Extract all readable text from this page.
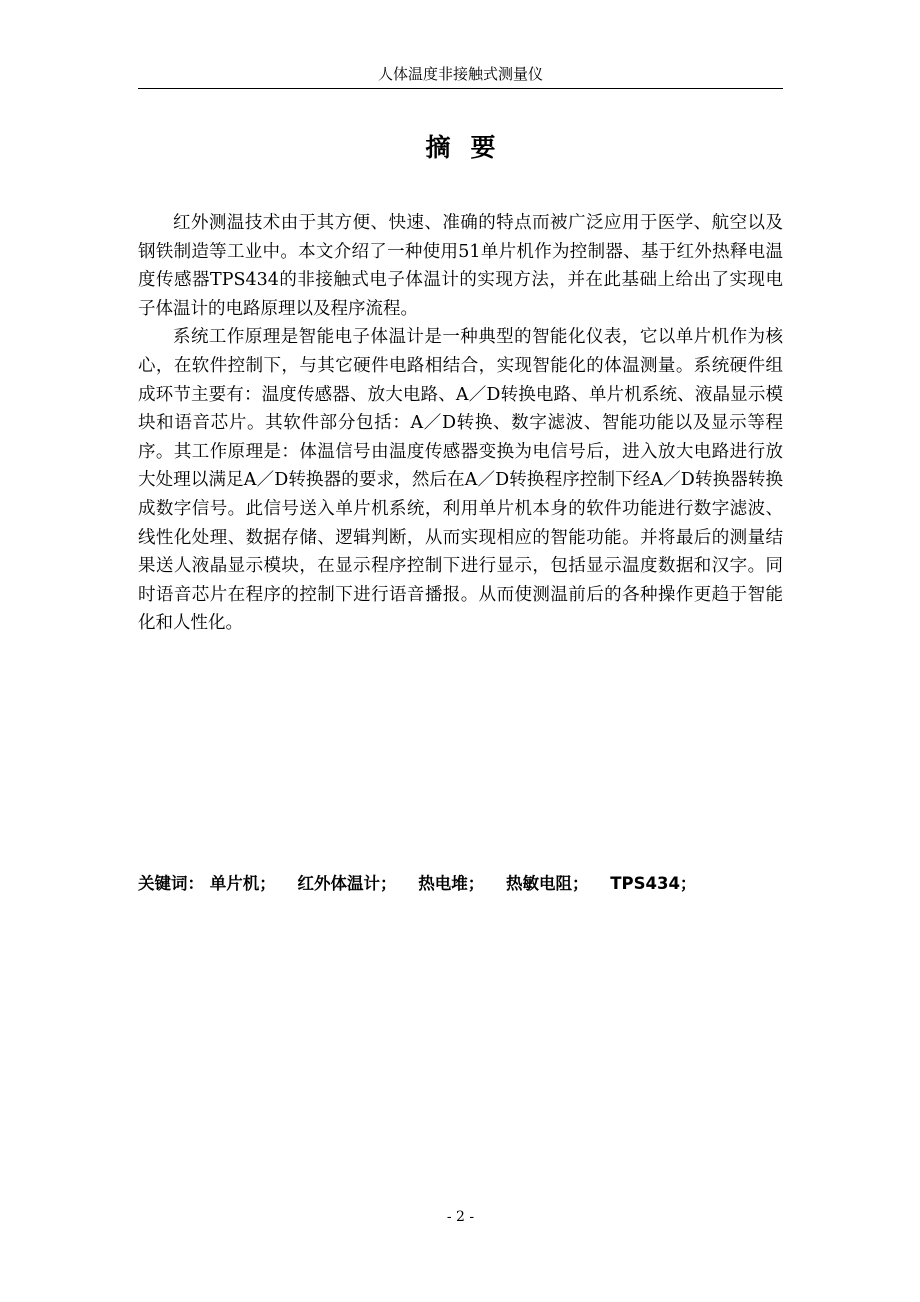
人体温度非接触式测量仪
摘要

红外测温技术由于其方便、快速、准确的特点而被广泛应用于医学、航空以及钢铁制造等工业中。本文介绍了一种使用51单片机作为控制器、基于红外热释电温度传感器TPS434的非接触式电子体温计的实现方法，并在此基础上给出了实现电子体温计的电路原理以及程序流程。

系统工作原理是智能电子体温计是一种典型的智能化仪表，它以单片机作为核心，在软件控制下，与其它硬件电路相结合，实现智能化的体温测量。系统硬件组成环节主要有：温度传感器、放大电路、A／D转换电路、单片机系统、液晶显示模块和语音芯片。其软件部分包括：A／D转换、数字滤波、智能功能以及显示等程序。其工作原理是：体温信号由温度传感器变换为电信号后，进入放大电路进行放大处理以满足A／D转换器的要求，然后在A／D转换程序控制下经A／D转换器转换成数字信号。此信号送入单片机系统，利用单片机本身的软件功能进行数字滤波、线性化处理、数据存储、逻辑判断，从而实现相应的智能功能。并将最后的测量结果送人液晶显示模块，在显示程序控制下进行显示，包括显示温度数据和汉字。同时语音芯片在程序的控制下进行语音播报。从而使测温前后的各种操作更趋于智能化和人性化。

关键词： 单片机； 红外体温计； 热电堆； 热敏电阻； TPS434；
- 2 -
